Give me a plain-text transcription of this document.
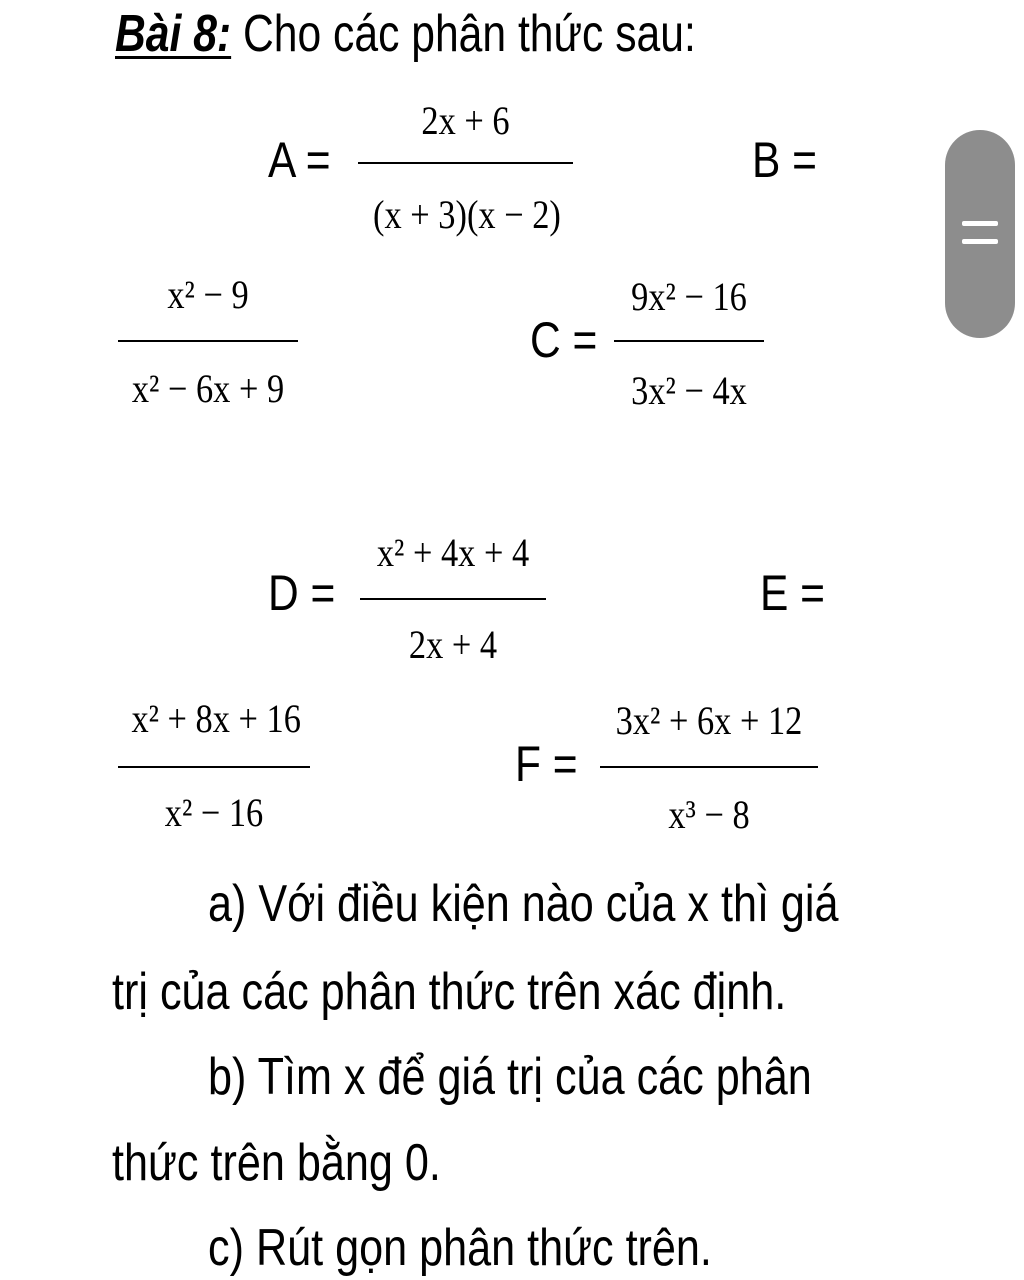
Bài 8: Cho các phân thức sau:
A =
2x + 6
(x + 3)(x − 2)
B =
x² − 9
x² − 6x + 9
C =
9x² − 16
3x² − 4x
D =
x² + 4x + 4
2x + 4
E =
x² + 8x + 16
x² − 16
F =
3x² + 6x + 12
x³ − 8
a) Với điều kiện nào của x thì giá
trị của các phân thức trên xác định.
b) Tìm x để giá trị của các phân
thức trên bằng 0.
c) Rút gọn phân thức trên.
